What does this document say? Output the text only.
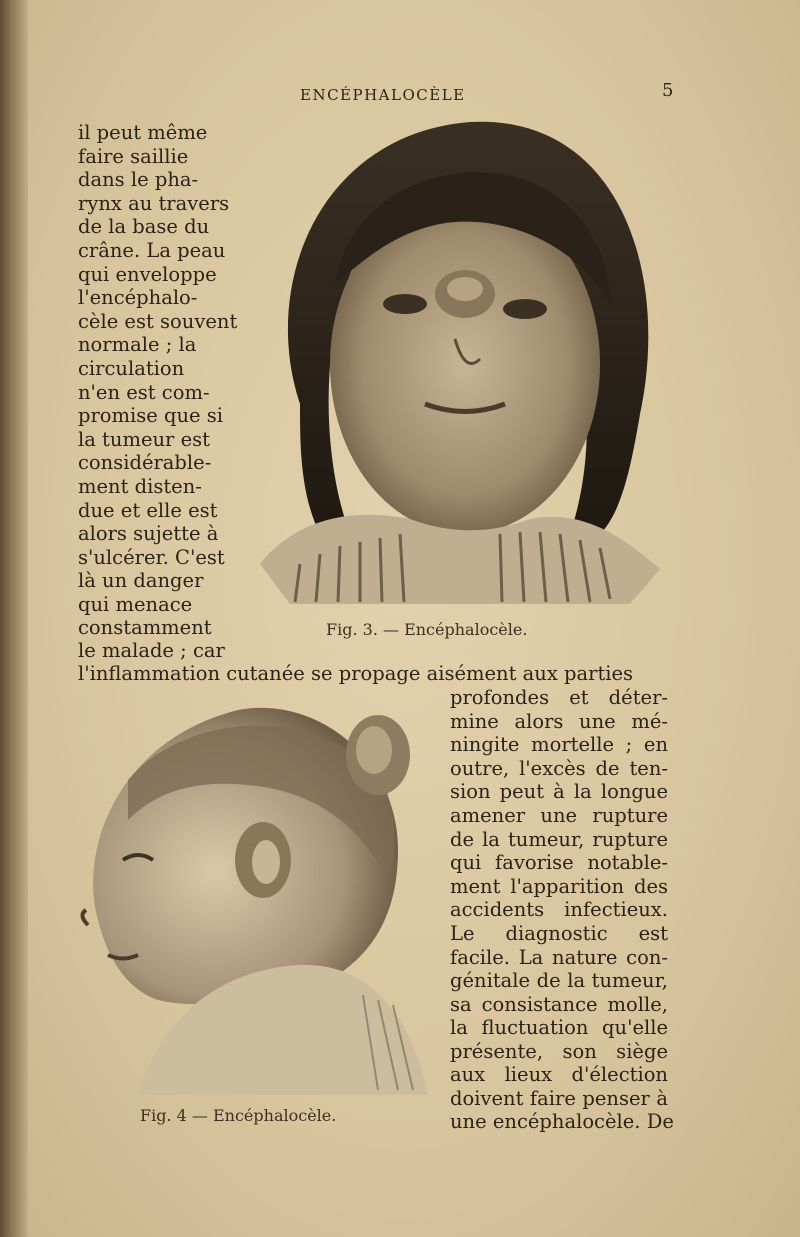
ENCÉPHALOCÈLE	5
Fig. 3. — Encéphalocèle.
Fig. 4 — Encéphalocèle.
il peut même
faire saillie
dans le pha-
rynx au travers
de la base du
crâne. La peau
qui enveloppe
l'encéphalo-
cèle est souvent
normale ; la
circulation
n'en est com-
promise que si
la tumeur est
considérable-
ment disten-
due et elle est
alors sujette à
s'ulcérer. C'est
là un danger
qui menace
constamment
le malade ; car
l'inflammation cutanée se propage aisément aux parties
profondes et déter-
mine alors une mé-
ningite mortelle ; en
outre, l'excès de ten-
sion peut à la longue
amener une rupture
de la tumeur, rupture
qui favorise notable-
ment l'apparition des
accidents infectieux.
Le diagnostic est
facile. La nature con-
génitale de la tumeur,
sa consistance molle,
la fluctuation qu'elle
présente, son siège
aux lieux d'élection
doivent faire penser à
une encéphalocèle. De
